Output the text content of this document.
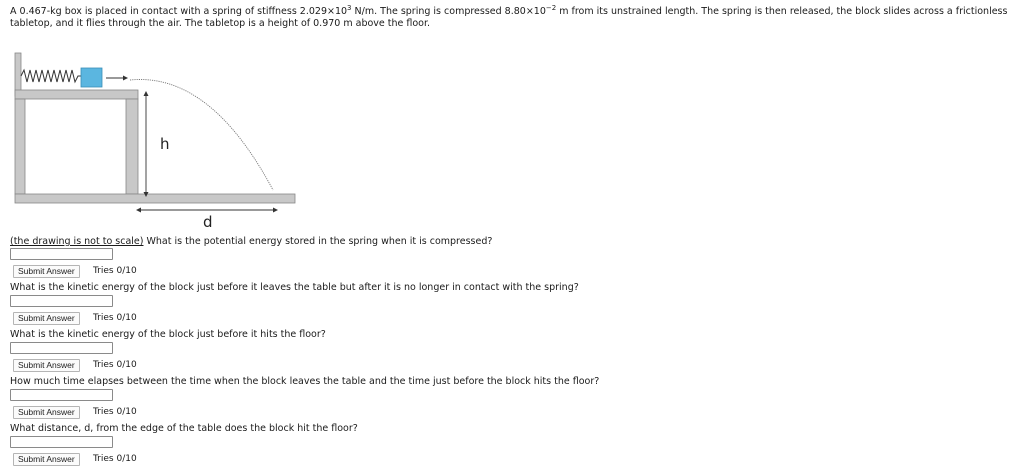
A 0.467-kg box is placed in contact with a spring of stiffness $2.029\times 10^3$ N/m. The spring is compressed $8.80\times 10^{-2}$ m from its unstrained length. The spring is then released, the block slides across a frictionless
tabletop, and it flies through the air. The tabletop is a height of 0.970 m above the floor.
h
d
(the drawing is not to scale) What is the potential energy stored in the spring when it is compressed?
Submit Answer	Tries 0/10
What is the kinetic energy of the block just before it leaves the table but after it is no longer in contact with the spring?
Submit Answer	Tries 0/10
What is the kinetic energy of the block just before it hits the floor?
Submit Answer	Tries 0/10
How much time elapses between the time when the block leaves the table and the time just before the block hits the floor?
Submit Answer	Tries 0/10
What distance, d, from the edge of the table does the block hit the floor?
Submit Answer	Tries 0/10
